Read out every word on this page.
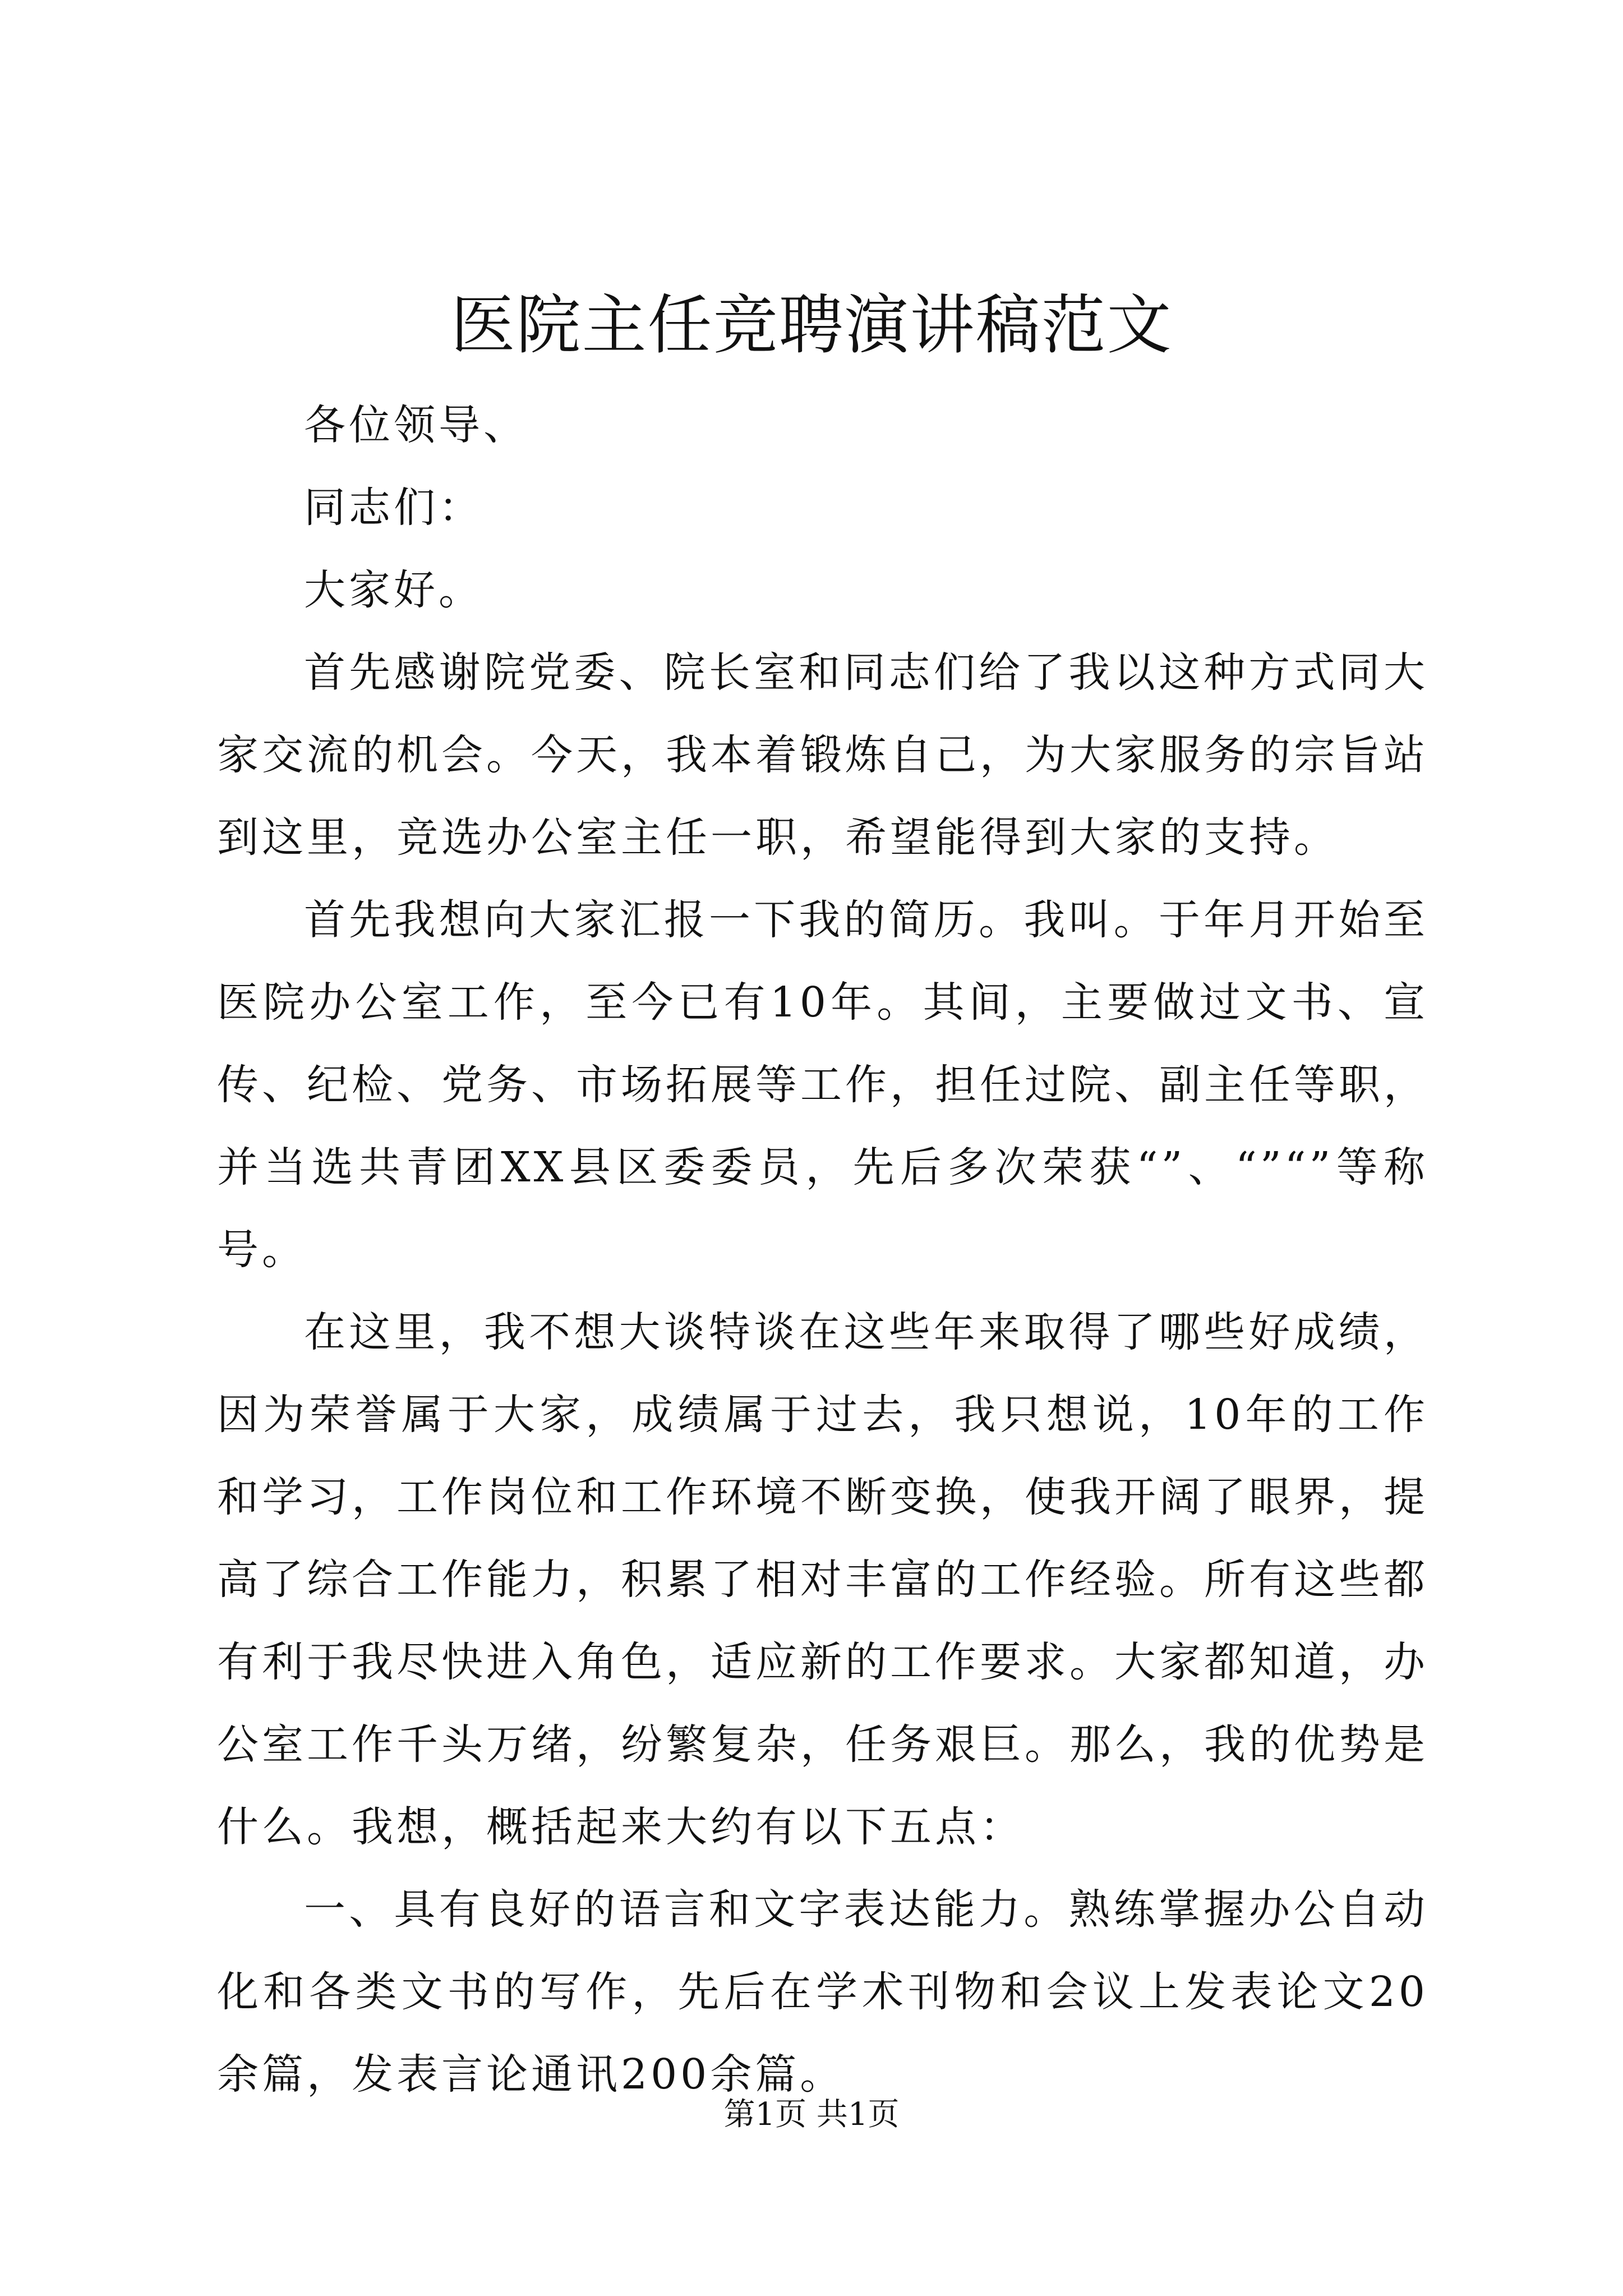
医院主任竞聘演讲稿范文

各位领导、

同志们：

大家好。

首先感谢院党委、院长室和同志们给了我以这种方式同大家交流的机会。今天，我本着锻炼自己，为大家服务的宗旨站到这里，竞选办公室主任一职，希望能得到大家的支持。

首先我想向大家汇报一下我的简历。我叫。于年月开始至医院办公室工作，至今已有10年。其间，主要做过文书、宣传、纪检、党务、市场拓展等工作，担任过院、副主任等职，并当选共青团XX县区委委员，先后多次荣获“”、“”“”等称号。

在这里，我不想大谈特谈在这些年来取得了哪些好成绩，因为荣誉属于大家，成绩属于过去，我只想说，10年的工作和学习，工作岗位和工作环境不断变换，使我开阔了眼界，提高了综合工作能力，积累了相对丰富的工作经验。所有这些都有利于我尽快进入角色，适应新的工作要求。大家都知道，办公室工作千头万绪，纷繁复杂，任务艰巨。那么，我的优势是什么。我想，概括起来大约有以下五点：

一、具有良好的语言和文字表达能力。熟练掌握办公自动化和各类文书的写作，先后在学术刊物和会议上发表论文20余篇，发表言论通讯200余篇。

第1页 共1页
